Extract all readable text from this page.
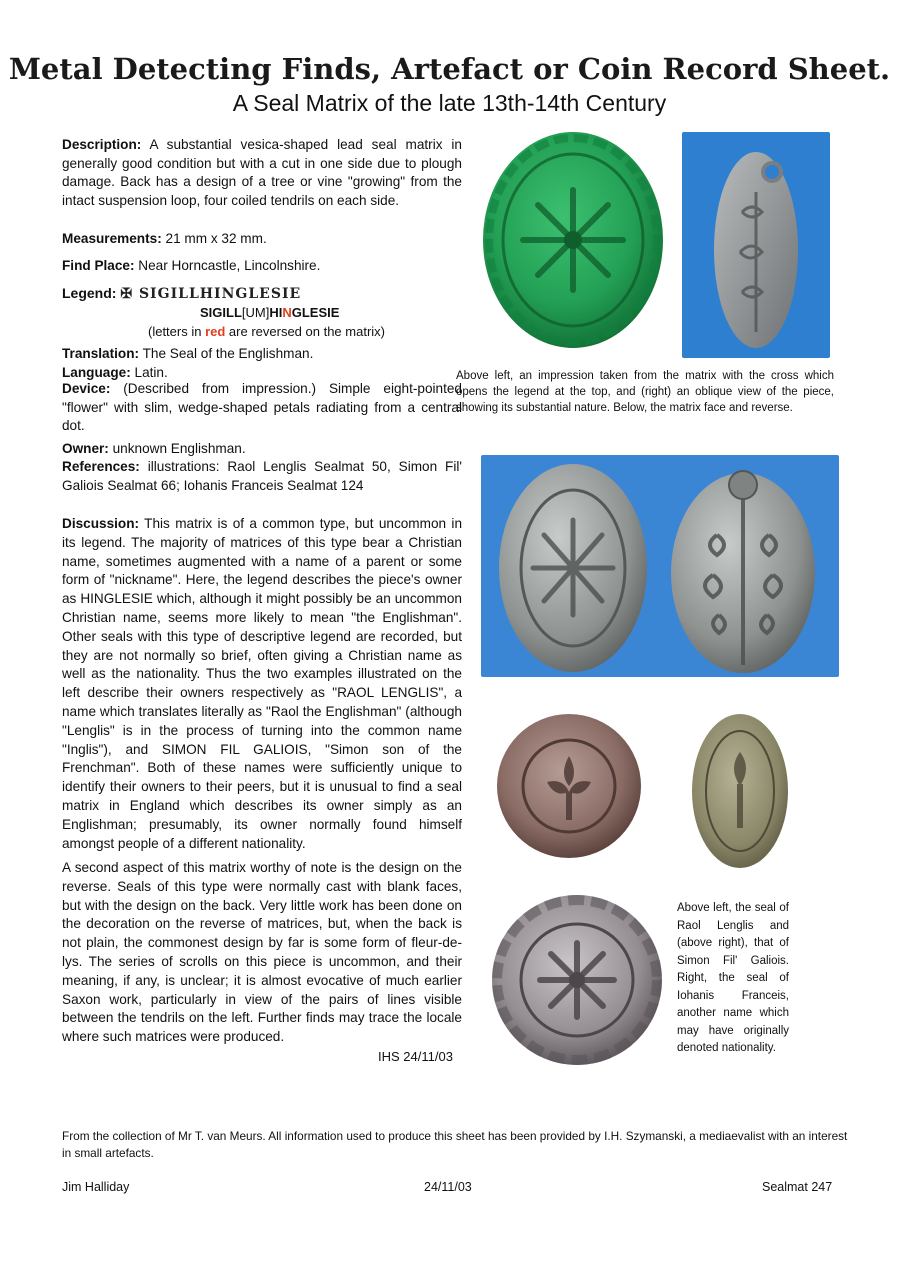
Metal Detecting Finds, Artefact or Coin Record Sheet.
A Seal Matrix of the late 13th-14th Century
Description: A substantial vesica-shaped lead seal matrix in generally good condition but with a cut in one side due to plough damage. Back has a design of a tree or vine "growing" from the intact suspension loop, four coiled tendrils on each side.
Measurements: 21 mm x 32 mm.
Find Place: Near Horncastle, Lincolnshire.
Legend: ✠ SIGILLHINGLESIE
SIGILL[UM]HINGLESIE
(letters in red are reversed on the matrix)
Translation: The Seal of the Englishman.
Language: Latin.
Device: (Described from impression.) Simple eight-pointed "flower" with slim, wedge-shaped petals radiating from a central dot.
Owner: unknown Englishman.
References: illustrations: Raol Lenglis Sealmat 50, Simon Fil' Galiois Sealmat 66; Iohanis Franceis Sealmat 124
Discussion: This matrix is of a common type, but uncommon in its legend. The majority of matrices of this type bear a Christian name, sometimes augmented with a name of a parent or some form of "nickname". Here, the legend describes the piece's owner as HINGLESIE which, although it might possibly be an uncommon Christian name, seems more likely to mean "the Englishman". Other seals with this type of descriptive legend are recorded, but they are not normally so brief, often giving a Christian name as well as the nationality. Thus the two examples illustrated on the left describe their owners respectively as "RAOL LENGLIS", a name which translates literally as "Raol the Englishman" (although "Lenglis" is in the process of turning into the common name "Inglis"), and SIMON FIL GALIOIS, "Simon son of the Frenchman". Both of these names were sufficiently unique to identify their owners to their peers, but it is unusual to find a seal matrix in England which describes its owner simply as an Englishman; presumably, its owner normally found himself amongst people of a different nationality.
A second aspect of this matrix worthy of note is the design on the reverse. Seals of this type were normally cast with blank faces, but with the design on the back. Very little work has been done on the decoration on the reverse of matrices, but, when the back is not plain, the commonest design by far is some form of fleur-de-lys. The series of scrolls on this piece is uncommon, and their meaning, if any, is unclear; it is almost evocative of much earlier Saxon work, particularly in view of the pairs of lines visible between the tendrils on the left. Further finds may trace the locale where such matrices were produced.
IHS 24/11/03
Above left, an impression taken from the matrix with the cross which opens the legend at the top, and (right) an oblique view of the piece, showing its substantial nature. Below, the matrix face and reverse.
Above left, the seal of Raol Lenglis and (above right), that of Simon Fil' Galiois. Right, the seal of Iohanis Franceis, another name which may have originally denoted nationality.
From the collection of Mr T. van Meurs. All information used to produce this sheet has been provided by I.H. Szymanski, a mediaevalist with an interest in small artefacts.
Jim Halliday	24/11/03	Sealmat 247
